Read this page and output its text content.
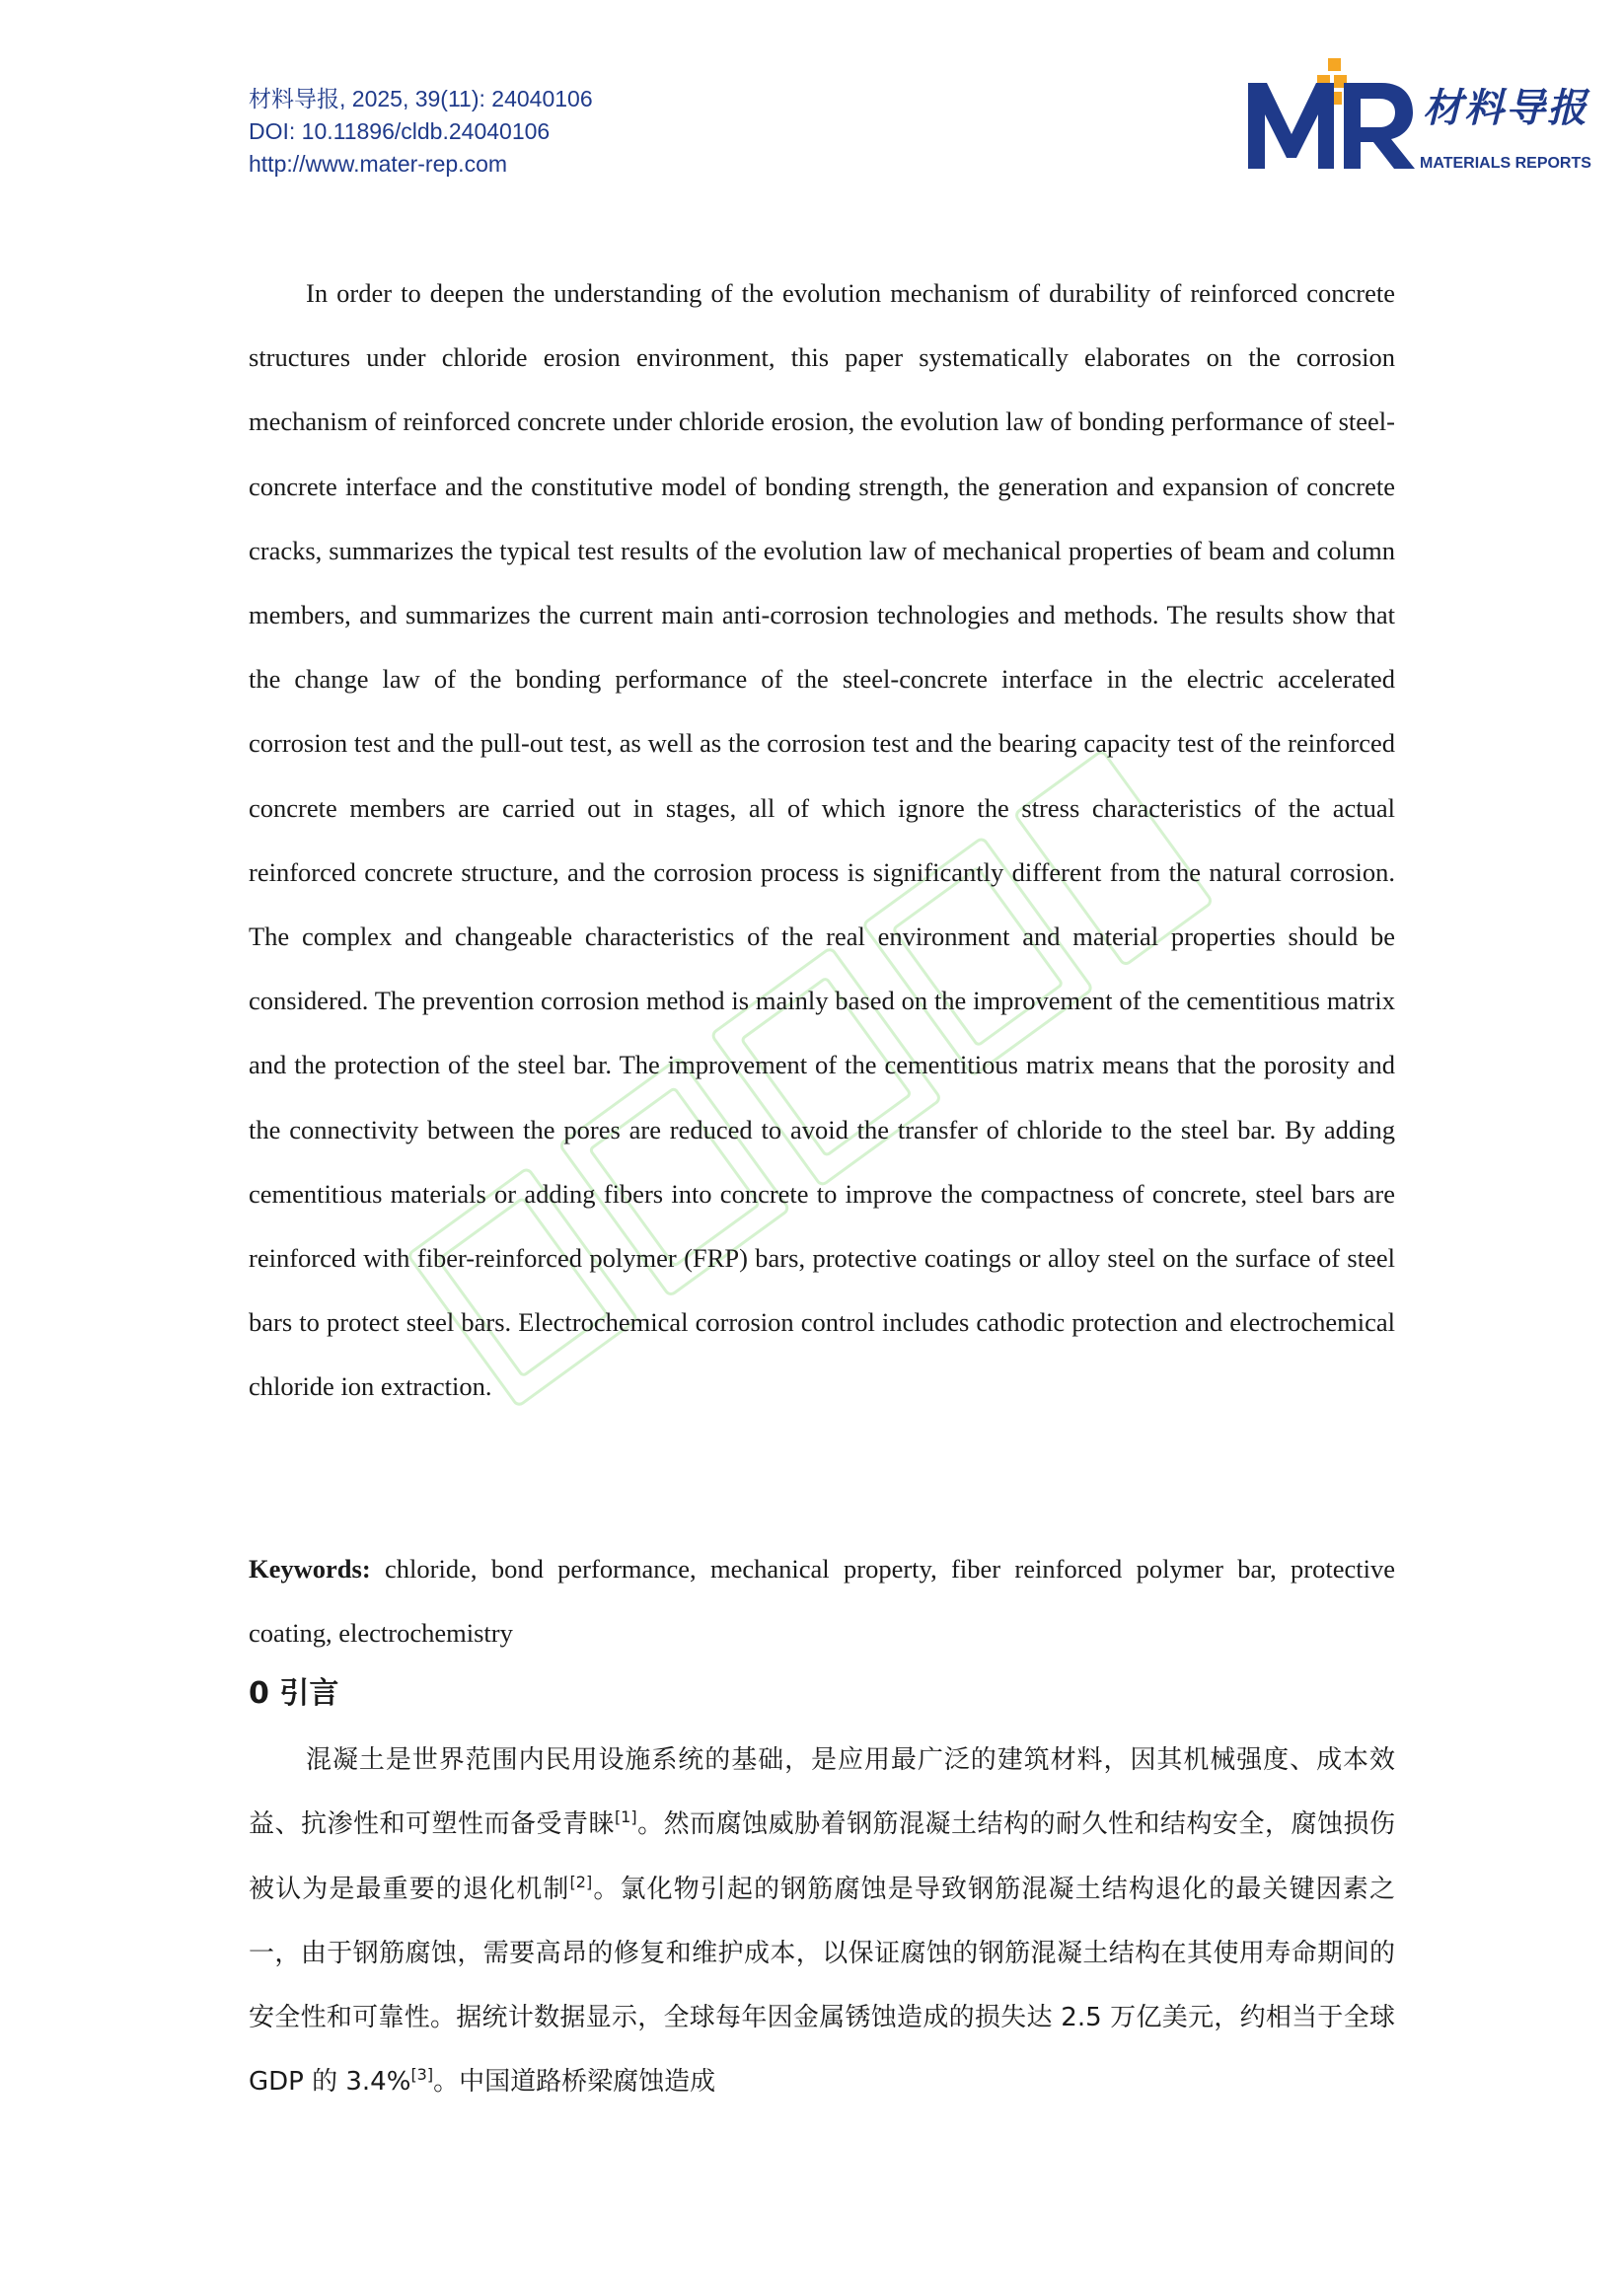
材料导报, 2025, 39(11): 24040106
DOI: 10.11896/cldb.24040106
http://www.mater-rep.com
材料导报
MATERIALS REPORTS
In order to deepen the understanding of the evolution mechanism of durability of reinforced concrete structures under chloride erosion environment, this paper systematically elaborates on the corrosion mechanism of reinforced concrete under chloride erosion, the evolution law of bonding performance of steel-concrete interface and the constitutive model of bonding strength, the generation and expansion of concrete cracks, summarizes the typical test results of the evolution law of mechanical properties of beam and column members, and summarizes the current main anti-corrosion technologies and methods. The results show that the change law of the bonding performance of the steel-concrete interface in the electric accelerated corrosion test and the pull-out test, as well as the corrosion test and the bearing capacity test of the reinforced concrete members are carried out in stages, all of which ignore the stress characteristics of the actual reinforced concrete structure, and the corrosion process is significantly different from the natural corrosion. The complex and changeable characteristics of the real environment and material properties should be considered. The prevention corrosion method is mainly based on the improvement of the cementitious matrix and the protection of the steel bar. The improvement of the cementitious matrix means that the porosity and the connectivity between the pores are reduced to avoid the transfer of chloride to the steel bar. By adding cementitious materials or adding fibers into concrete to improve the compactness of concrete, steel bars are reinforced with fiber-reinforced polymer (FRP) bars, protective coatings or alloy steel on the surface of steel bars to protect steel bars. Electrochemical corrosion control includes cathodic protection and electrochemical chloride ion extraction.
Keywords: chloride, bond performance, mechanical property, fiber reinforced polymer bar, protective coating, electrochemistry
0 引言
混凝土是世界范围内民用设施系统的基础，是应用最广泛的建筑材料，因其机械强度、成本效益、抗渗性和可塑性而备受青睐[1]。然而腐蚀威胁着钢筋混凝土结构的耐久性和结构安全，腐蚀损伤被认为是最重要的退化机制[2]。氯化物引起的钢筋腐蚀是导致钢筋混凝土结构退化的最关键因素之一，由于钢筋腐蚀，需要高昂的修复和维护成本，以保证腐蚀的钢筋混凝土结构在其使用寿命期间的安全性和可靠性。据统计数据显示，全球每年因金属锈蚀造成的损失达 2.5 万亿美元，约相当于全球 GDP 的 3.4%[3]。中国道路桥梁腐蚀造成
